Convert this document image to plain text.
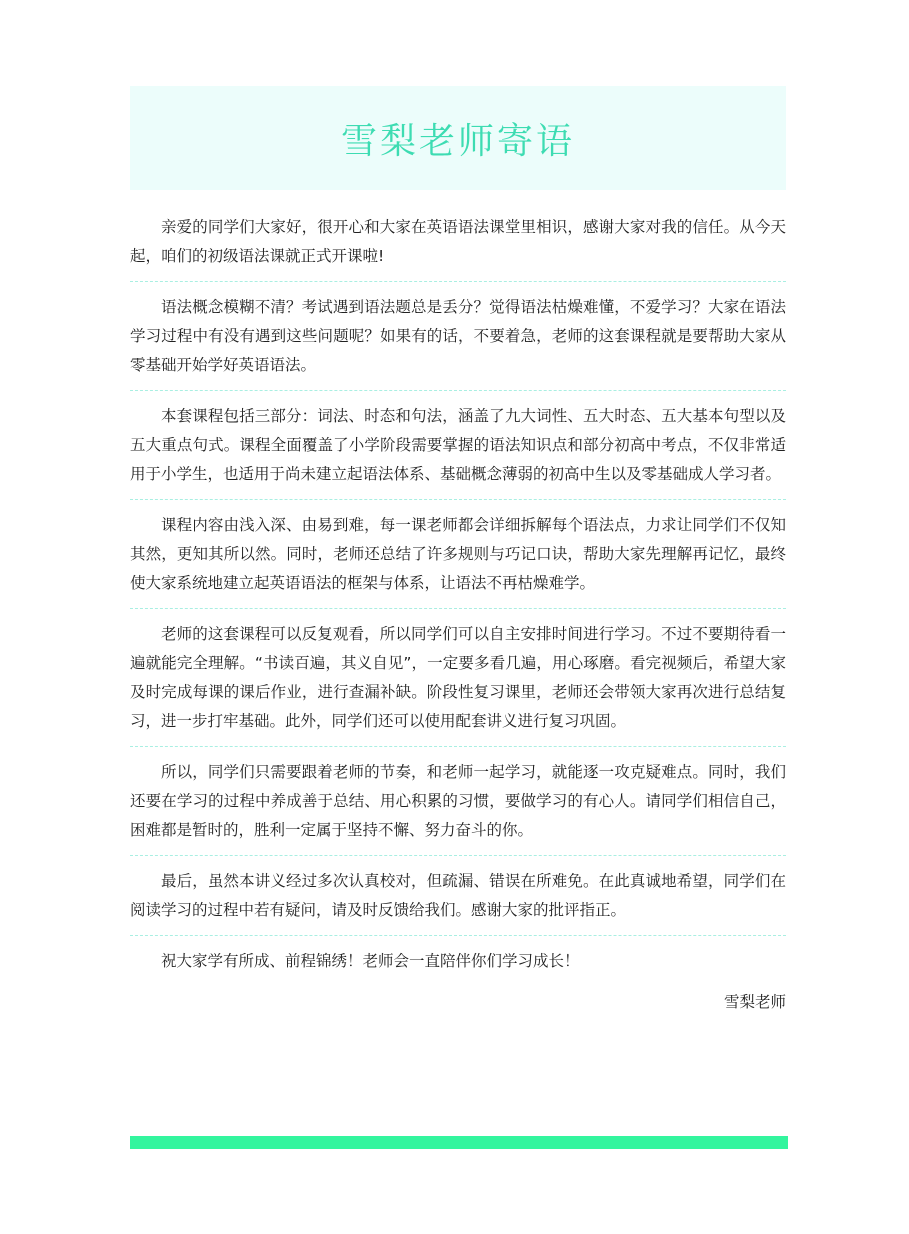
雪梨老师寄语

亲爱的同学们大家好，很开心和大家在英语语法课堂里相识，感谢大家对我的信任。从今天起，咱们的初级语法课就正式开课啦!

语法概念模糊不清？考试遇到语法题总是丢分？觉得语法枯燥难懂，不爱学习？大家在语法学习过程中有没有遇到这些问题呢？如果有的话，不要着急，老师的这套课程就是要帮助大家从零基础开始学好英语语法。

本套课程包括三部分：词法、时态和句法，涵盖了九大词性、五大时态、五大基本句型以及五大重点句式。课程全面覆盖了小学阶段需要掌握的语法知识点和部分初高中考点，不仅非常适用于小学生，也适用于尚未建立起语法体系、基础概念薄弱的初高中生以及零基础成人学习者。

课程内容由浅入深、由易到难，每一课老师都会详细拆解每个语法点，力求让同学们不仅知其然，更知其所以然。同时，老师还总结了许多规则与巧记口诀，帮助大家先理解再记忆，最终使大家系统地建立起英语语法的框架与体系，让语法不再枯燥难学。

老师的这套课程可以反复观看，所以同学们可以自主安排时间进行学习。不过不要期待看一遍就能完全理解。“书读百遍，其义自见”，一定要多看几遍，用心琢磨。看完视频后，希望大家及时完成每课的课后作业，进行查漏补缺。阶段性复习课里，老师还会带领大家再次进行总结复习，进一步打牢基础。此外，同学们还可以使用配套讲义进行复习巩固。

所以，同学们只需要跟着老师的节奏，和老师一起学习，就能逐一攻克疑难点。同时，我们还要在学习的过程中养成善于总结、用心积累的习惯，要做学习的有心人。请同学们相信自己，困难都是暂时的，胜利一定属于坚持不懈、努力奋斗的你。

最后，虽然本讲义经过多次认真校对，但疏漏、错误在所难免。在此真诚地希望，同学们在阅读学习的过程中若有疑问，请及时反馈给我们。感谢大家的批评指正。

祝大家学有所成、前程锦绣！老师会一直陪伴你们学习成长！

雪梨老师
